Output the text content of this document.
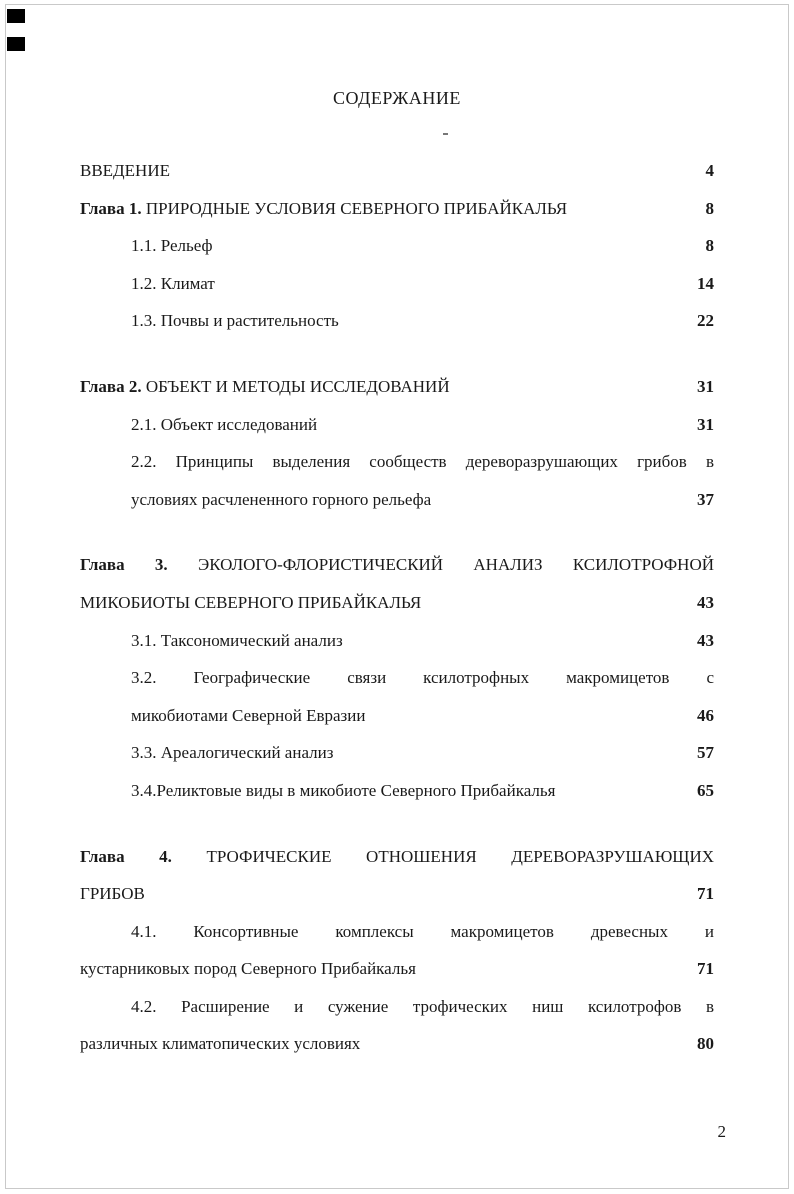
СОДЕРЖАНИЕ
ВВЕДЕНИЕ	4
Глава 1. ПРИРОДНЫЕ УСЛОВИЯ СЕВЕРНОГО ПРИБАЙКАЛЬЯ	8
1.1. Рельеф	8
1.2. Климат	14
1.3. Почвы и растительность	22
Глава 2. ОБЪЕКТ И МЕТОДЫ ИССЛЕДОВАНИЙ	31
2.1. Объект исследований	31
2.2. Принципы выделения сообществ дереворазрушающих грибов в
условиях расчлененного горного рельефа	37
Глава 3. ЭКОЛОГО-ФЛОРИСТИЧЕСКИЙ АНАЛИЗ КСИЛОТРОФНОЙ
МИКОБИОТЫ СЕВЕРНОГО ПРИБАЙКАЛЬЯ	43
3.1. Таксономический анализ	43
3.2. Географические связи ксилотрофных макромицетов с
микобиотами Северной Евразии	46
3.3. Ареалогический анализ	57
3.4.Реликтовые виды в микобиоте Северного Прибайкалья	65
Глава 4. ТРОФИЧЕСКИЕ ОТНОШЕНИЯ ДЕРЕВОРАЗРУШАЮЩИХ
ГРИБОВ	71
4.1. Консортивные комплексы макромицетов древесных и
кустарниковых пород Северного Прибайкалья	71
4.2. Расширение и сужение трофических ниш ксилотрофов в
различных климатопических условиях	80
2
